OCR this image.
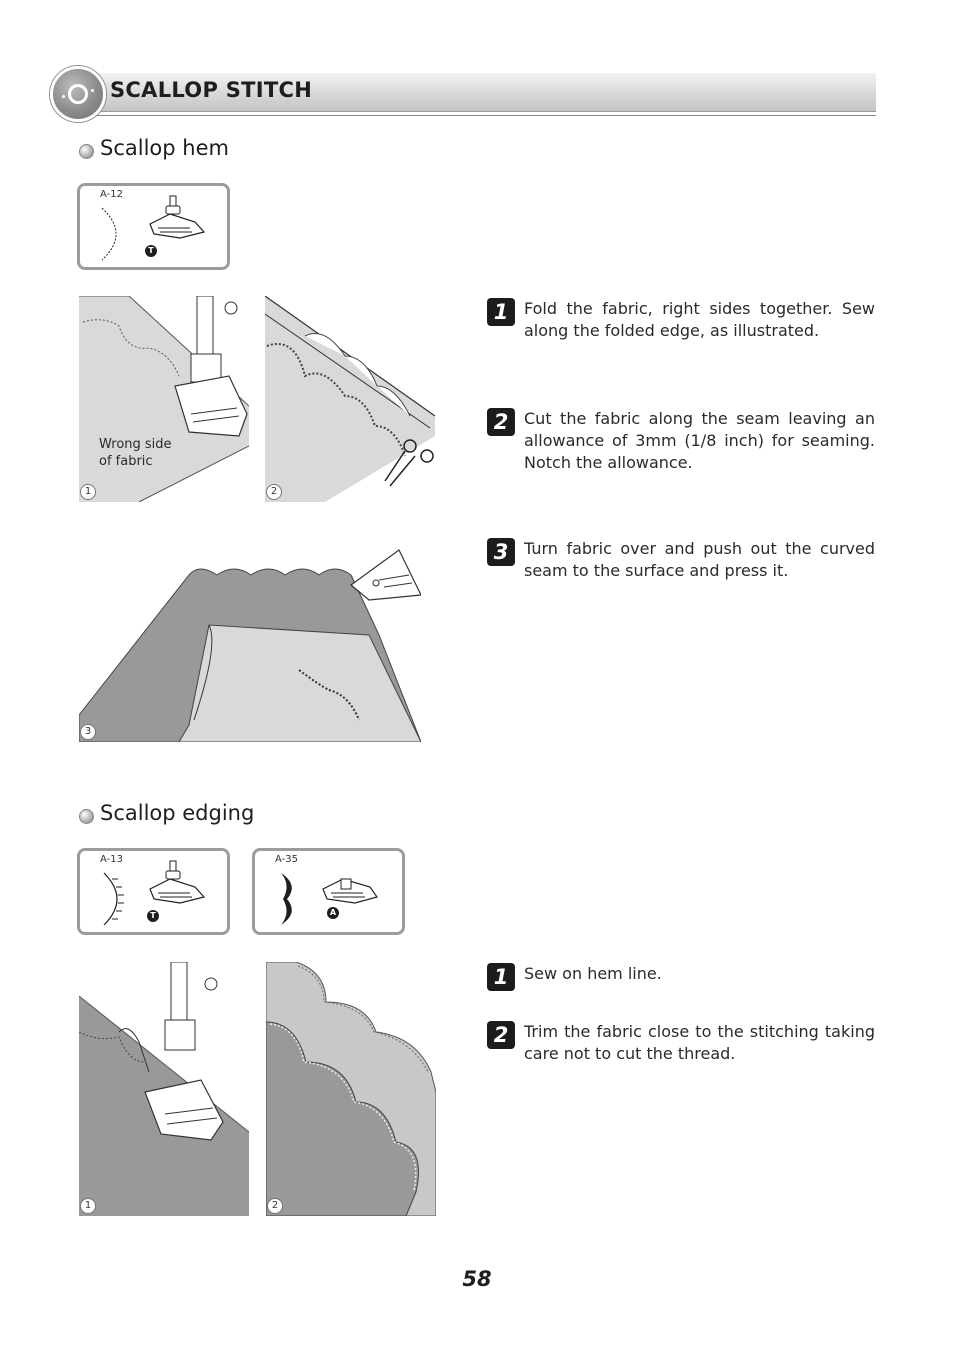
SCALLOP STITCH
Scallop hem
A-12
T
Wrong side
of fabric
1	2
3
1 Fold the fabric, right sides together. Sew along the folded edge, as illustrated.
2 Cut the fabric along the seam leaving an allowance of 3mm (1/8 inch) for seaming. Notch the allowance.
3 Turn fabric over and push out the curved seam to the surface and press it.
Scallop edging
A-13
T
A-35
A
1	2
1 Sew on hem line.
2 Trim the fabric close to the stitching taking care not to cut the thread.
58
